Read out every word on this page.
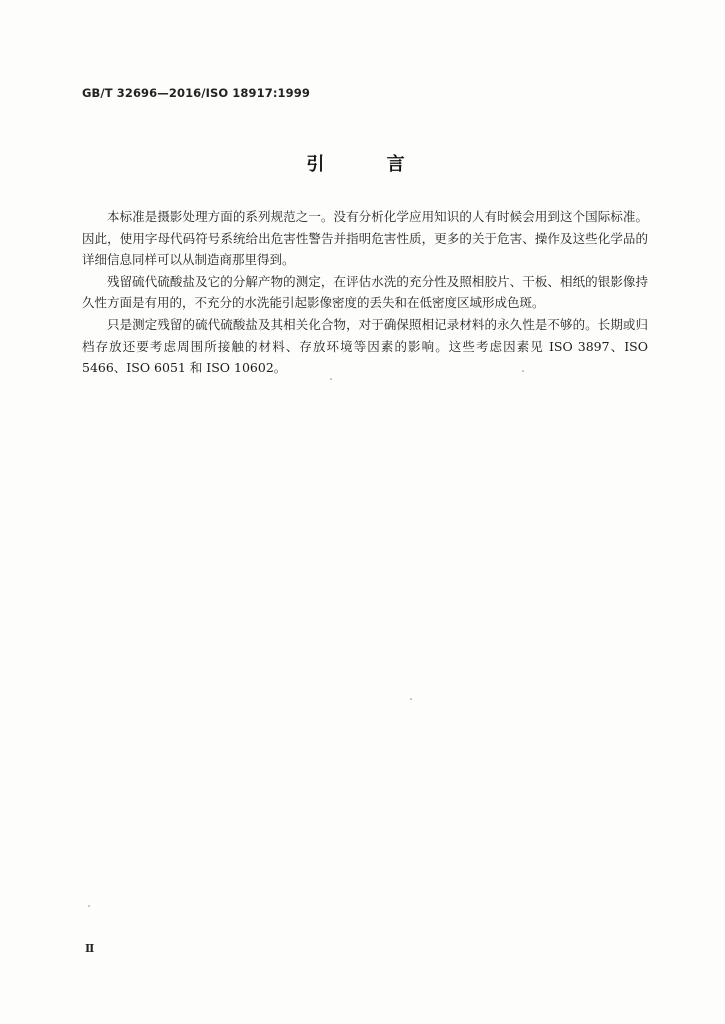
GB/T 32696—2016/ISO 18917:1999
引 言

本标准是摄影处理方面的系列规范之一。没有分析化学应用知识的人有时候会用到这个国际标准。因此，使用字母代码符号系统给出危害性警告并指明危害性质，更多的关于危害、操作及这些化学品的详细信息同样可以从制造商那里得到。

残留硫代硫酸盐及它的分解产物的测定，在评估水洗的充分性及照相胶片、干板、相纸的银影像持久性方面是有用的，不充分的水洗能引起影像密度的丢失和在低密度区域形成色斑。

只是测定残留的硫代硫酸盐及其相关化合物，对于确保照相记录材料的永久性是不够的。长期或归档存放还要考虑周围所接触的材料、存放环境等因素的影响。这些考虑因素见 ISO 3897、ISO 5466、ISO 6051 和 ISO 10602。

Ⅱ
